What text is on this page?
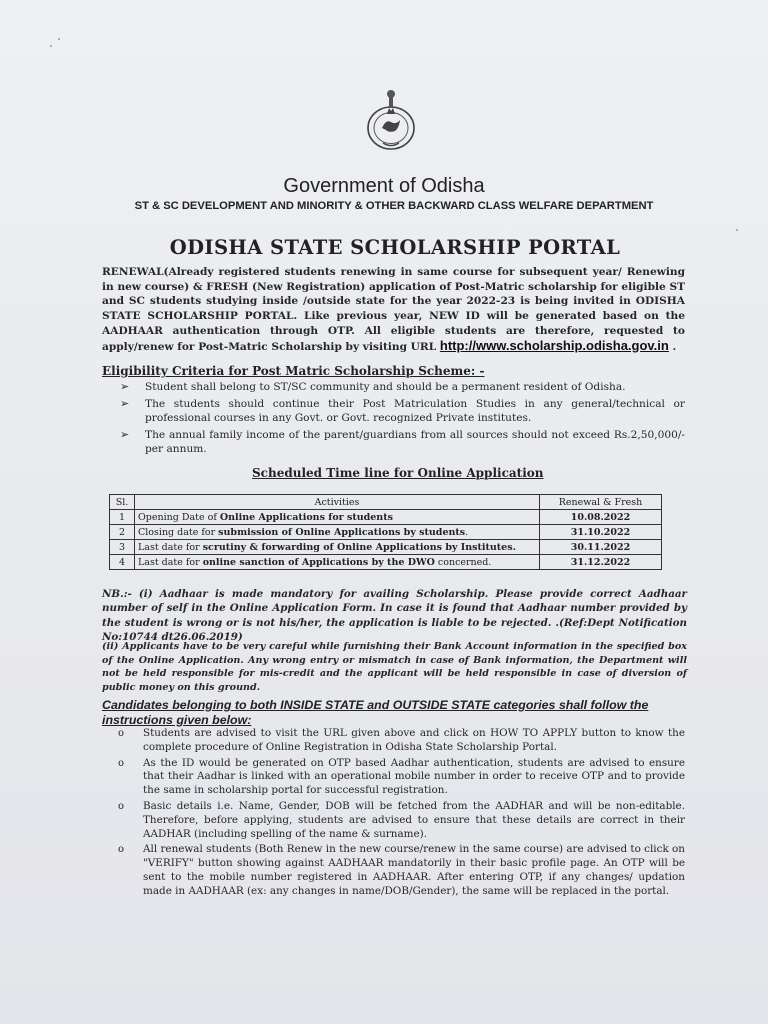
Government of Odisha
ST & SC DEVELOPMENT AND MINORITY & OTHER BACKWARD CLASS WELFARE DEPARTMENT
ODISHA STATE SCHOLARSHIP PORTAL
RENEWAL(Already registered students renewing in same course for subsequent year/ Renewing in new course) & FRESH (New Registration) application of Post-Matric scholarship for eligible ST and SC students studying inside /outside state for the year 2022-23 is being invited in ODISHA STATE SCHOLARSHIP PORTAL. Like previous year, NEW ID will be generated based on the AADHAAR authentication through OTP. All eligible students are therefore, requested to apply/renew for Post-Matric Scholarship by visiting URL http://www.scholarship.odisha.gov.in .
Eligibility Criteria for Post Matric Scholarship Scheme: -
➢ Student shall belong to ST/SC community and should be a permanent resident of Odisha.
➢ The students should continue their Post Matriculation Studies in any general/technical or professional courses in any Govt. or Govt. recognized Private institutes.
➢ The annual family income of the parent/guardians from all sources should not exceed Rs.2,50,000/- per annum.
Scheduled Time line for Online Application
Sl.	Activities	Renewal & Fresh
1	Opening Date of Online Applications for students	10.08.2022
2	Closing date for submission of Online Applications by students.	31.10.2022
3	Last date for scrutiny & forwarding of Online Applications by Institutes.	30.11.2022
4	Last date for online sanction of Applications by the DWO concerned.	31.12.2022
NB.:- (i) Aadhaar is made mandatory for availing Scholarship. Please provide correct Aadhaar number of self in the Online Application Form. In case it is found that Aadhaar number provided by the student is wrong or is not his/her, the application is liable to be rejected. .(Ref:Dept Notification No:10744 dt26.06.2019)
(ii) Applicants have to be very careful while furnishing their Bank Account information in the specified box of the Online Application. Any wrong entry or mismatch in case of Bank information, the Department will not be held responsible for mis-credit and the applicant will be held responsible in case of diversion of public money on this ground.
Candidates belonging to both INSIDE STATE and OUTSIDE STATE categories shall follow the instructions given below:
o Students are advised to visit the URL given above and click on HOW TO APPLY button to know the complete procedure of Online Registration in Odisha State Scholarship Portal.
o As the ID would be generated on OTP based Aadhar authentication, students are advised to ensure that their Aadhar is linked with an operational mobile number in order to receive OTP and to provide the same in scholarship portal for successful registration.
o Basic details i.e. Name, Gender, DOB will be fetched from the AADHAR and will be non-editable. Therefore, before applying, students are advised to ensure that these details are correct in their AADHAR (including spelling of the name & surname).
o All renewal students (Both Renew in the new course/renew in the same course) are advised to click on "VERIFY" button showing against AADHAAR mandatorily in their basic profile page. An OTP will be sent to the mobile number registered in AADHAAR. After entering OTP, if any changes/ updation made in AADHAAR (ex: any changes in name/DOB/Gender), the same will be replaced in the portal.
